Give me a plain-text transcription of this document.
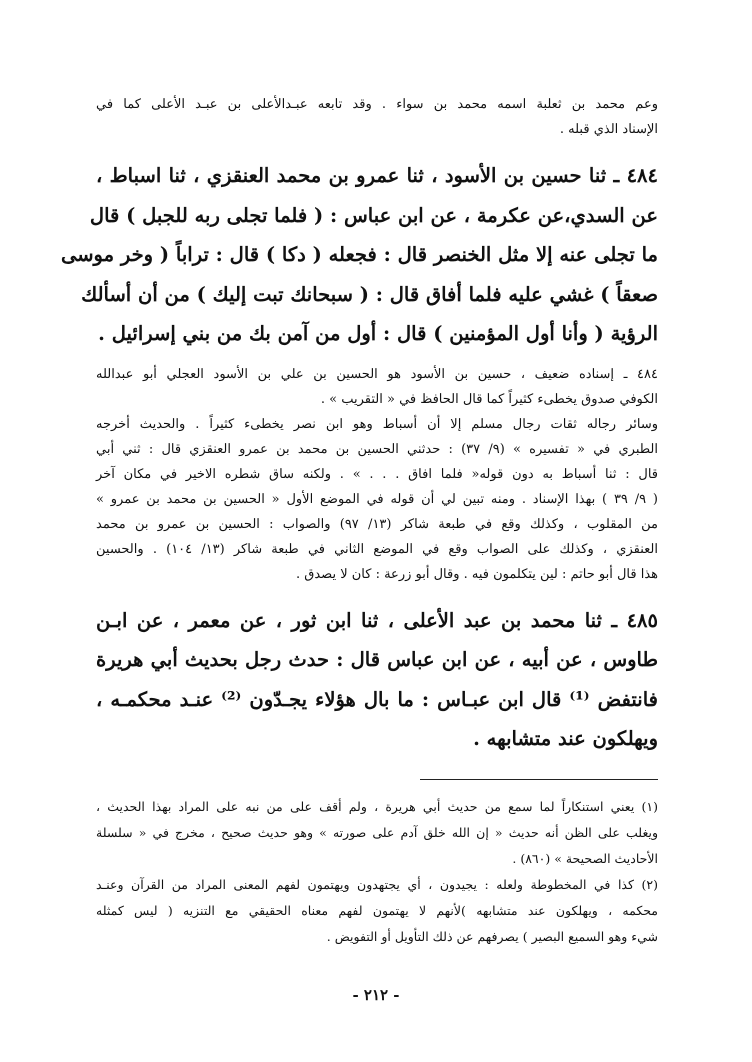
وعم محمد بن ثعلبة اسمه محمد بن سواء . وقد تابعه عبـدالأعلى بن عبـد الأعلى كما في
الإسناد الذي قبله .
٤٨٤ ـ ثنا حسين بن الأسود ، ثنا عمرو بن محمد العنقزي ، ثنا اسباط ،
عن السدي،عن عكرمة ، عن ابن عباس : ( فلما تجلى ربه للجبل ) قال
ما تجلى عنه إلا مثل الخنصر قال : فجعله ( دكا ) قال : تراباً ( وخر موسى
صعقاً ) غشي عليه فلما أفاق قال : ( سبحانك تبت إليك ) من أن أسألك
الرؤية ( وأنا أول المؤمنين ) قال : أول من آمن بك من بني إسرائيل .
٤٨٤ ـ إسناده ضعيف ، حسين بن الأسود هو الحسين بن علي بن الأسود العجلي أبو عبدالله
الكوفي صدوق يخطىء كثيراً كما قال الحافظ في « التقريب » .
وسائر رجاله ثقات رجال مسلم إلا أن أسباط وهو ابن نصر يخطىء كثيراً . والحديث أخرجه
الطبري في « تفسيره » (٩/ ٣٧) : حدثني الحسين بن محمد بن عمرو العنقزي قال : ثني أبي
قال : ثنا أسباط به دون قوله« فلما افاق . . . » . ولكنه ساق شطره الاخير في مكان آخر
( ٩/ ٣٩ ) بهذا الإسناد . ومنه تبين لي أن قوله في الموضع الأول « الحسين بن محمد بن عمرو »
من المقلوب ، وكذلك وقع في طبعة شاكر (١٣/ ٩٧) والصواب : الحسين بن عمرو بن محمد
العنقزي ، وكذلك على الصواب وقع في الموضع الثاني في طبعة شاكر (١٣/ ١٠٤) . والحسين
هذا قال أبو حاتم : لين يتكلمون فيه . وقال أبو زرعة : كان لا يصدق .
٤٨٥ ـ ثنا محمد بن عبد الأعلى ، ثنا ابن ثور ، عن معمر ، عن ابـن
طاوس ، عن أبيه ، عن ابن عباس قال : حدث رجل بحديث أبي هريرة
فانتفض ⁽¹⁾ قال ابن عبـاس : ما بال هؤلاء يجـدّون ⁽²⁾ عنـد محكمـه ،
ويهلكون عند متشابهه .
(١) يعني استنكاراً لما سمع من حديث أبي هريرة ، ولم أقف على من نبه على المراد بهذا الحديث ،
ويغلب على الظن أنه حديث « إن الله خلق آدم على صورته » وهو حديث صحيح ، مخرج في « سلسلة
الأحاديث الصحيحة » (٨٦٠) .
(٢) كذا في المخطوطة ولعله : يجيدون ، أي يجتهدون ويهتمون لفهم المعنى المراد من القرآن وعنـد
محكمه ، ويهلكون عند متشابهه )لأنهم لا يهتمون لفهم معناه الحقيقي مع التنزيه ( ليس كمثله
شيء وهو السميع البصير ) يصرفهم عن ذلك التأويل أو التفويض .
- ٢١٢ -
